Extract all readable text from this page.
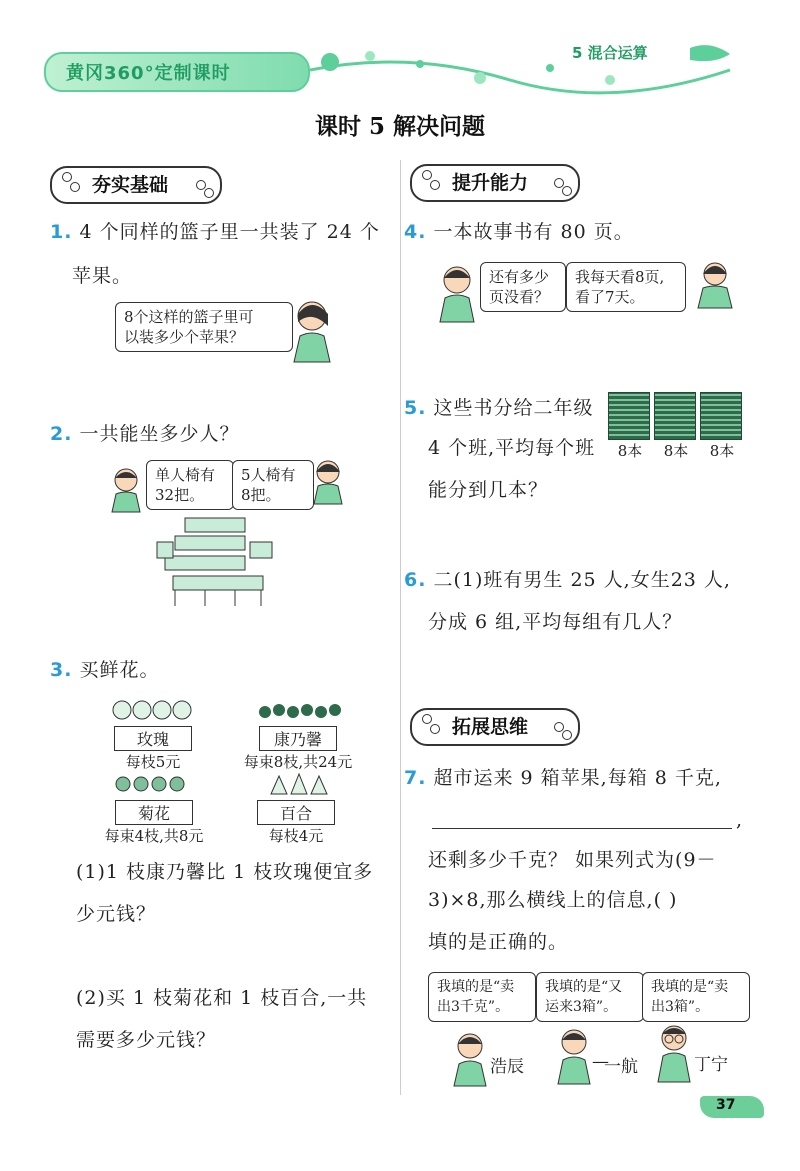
黄冈360°定制课时
5 混合运算
课时 5 解决问题
夯实基础
1. 4 个同样的篮子里一共装了 24 个
苹果。
8个这样的篮子里可
以装多少个苹果？
2. 一共能坐多少人？
单人椅有
32把。
5人椅有
8把。
3. 买鲜花。
玫瑰
每枝5元
康乃馨
每束8枝,共24元
菊花
每束4枝,共8元
百合
每枝4元
(1)1 枝康乃馨比 1 枝玫瑰便宜多
少元钱？
(2)买 1 枝菊花和 1 枝百合,一共
需要多少元钱？
提升能力
4. 一本故事书有 80 页。
还有多少
页没看？
我每天看8页,
看了7天。
5. 这些书分给二年级
4 个班,平均每个班
能分到几本？
8本	8本	8本
6. 二(1)班有男生 25 人,女生23 人,
分成 6 组,平均每组有几人？
拓展思维
7. 超市运来 9 箱苹果,每箱 8 千克,
,
还剩多少千克？ 如果列式为(9－
3)×8,那么横线上的信息,( )
填的是正确的。
我填的是“卖
出3千克”。
我填的是“又
运来3箱”。
我填的是“卖
出3箱”。
浩辰	—
一航	丁宁
37
